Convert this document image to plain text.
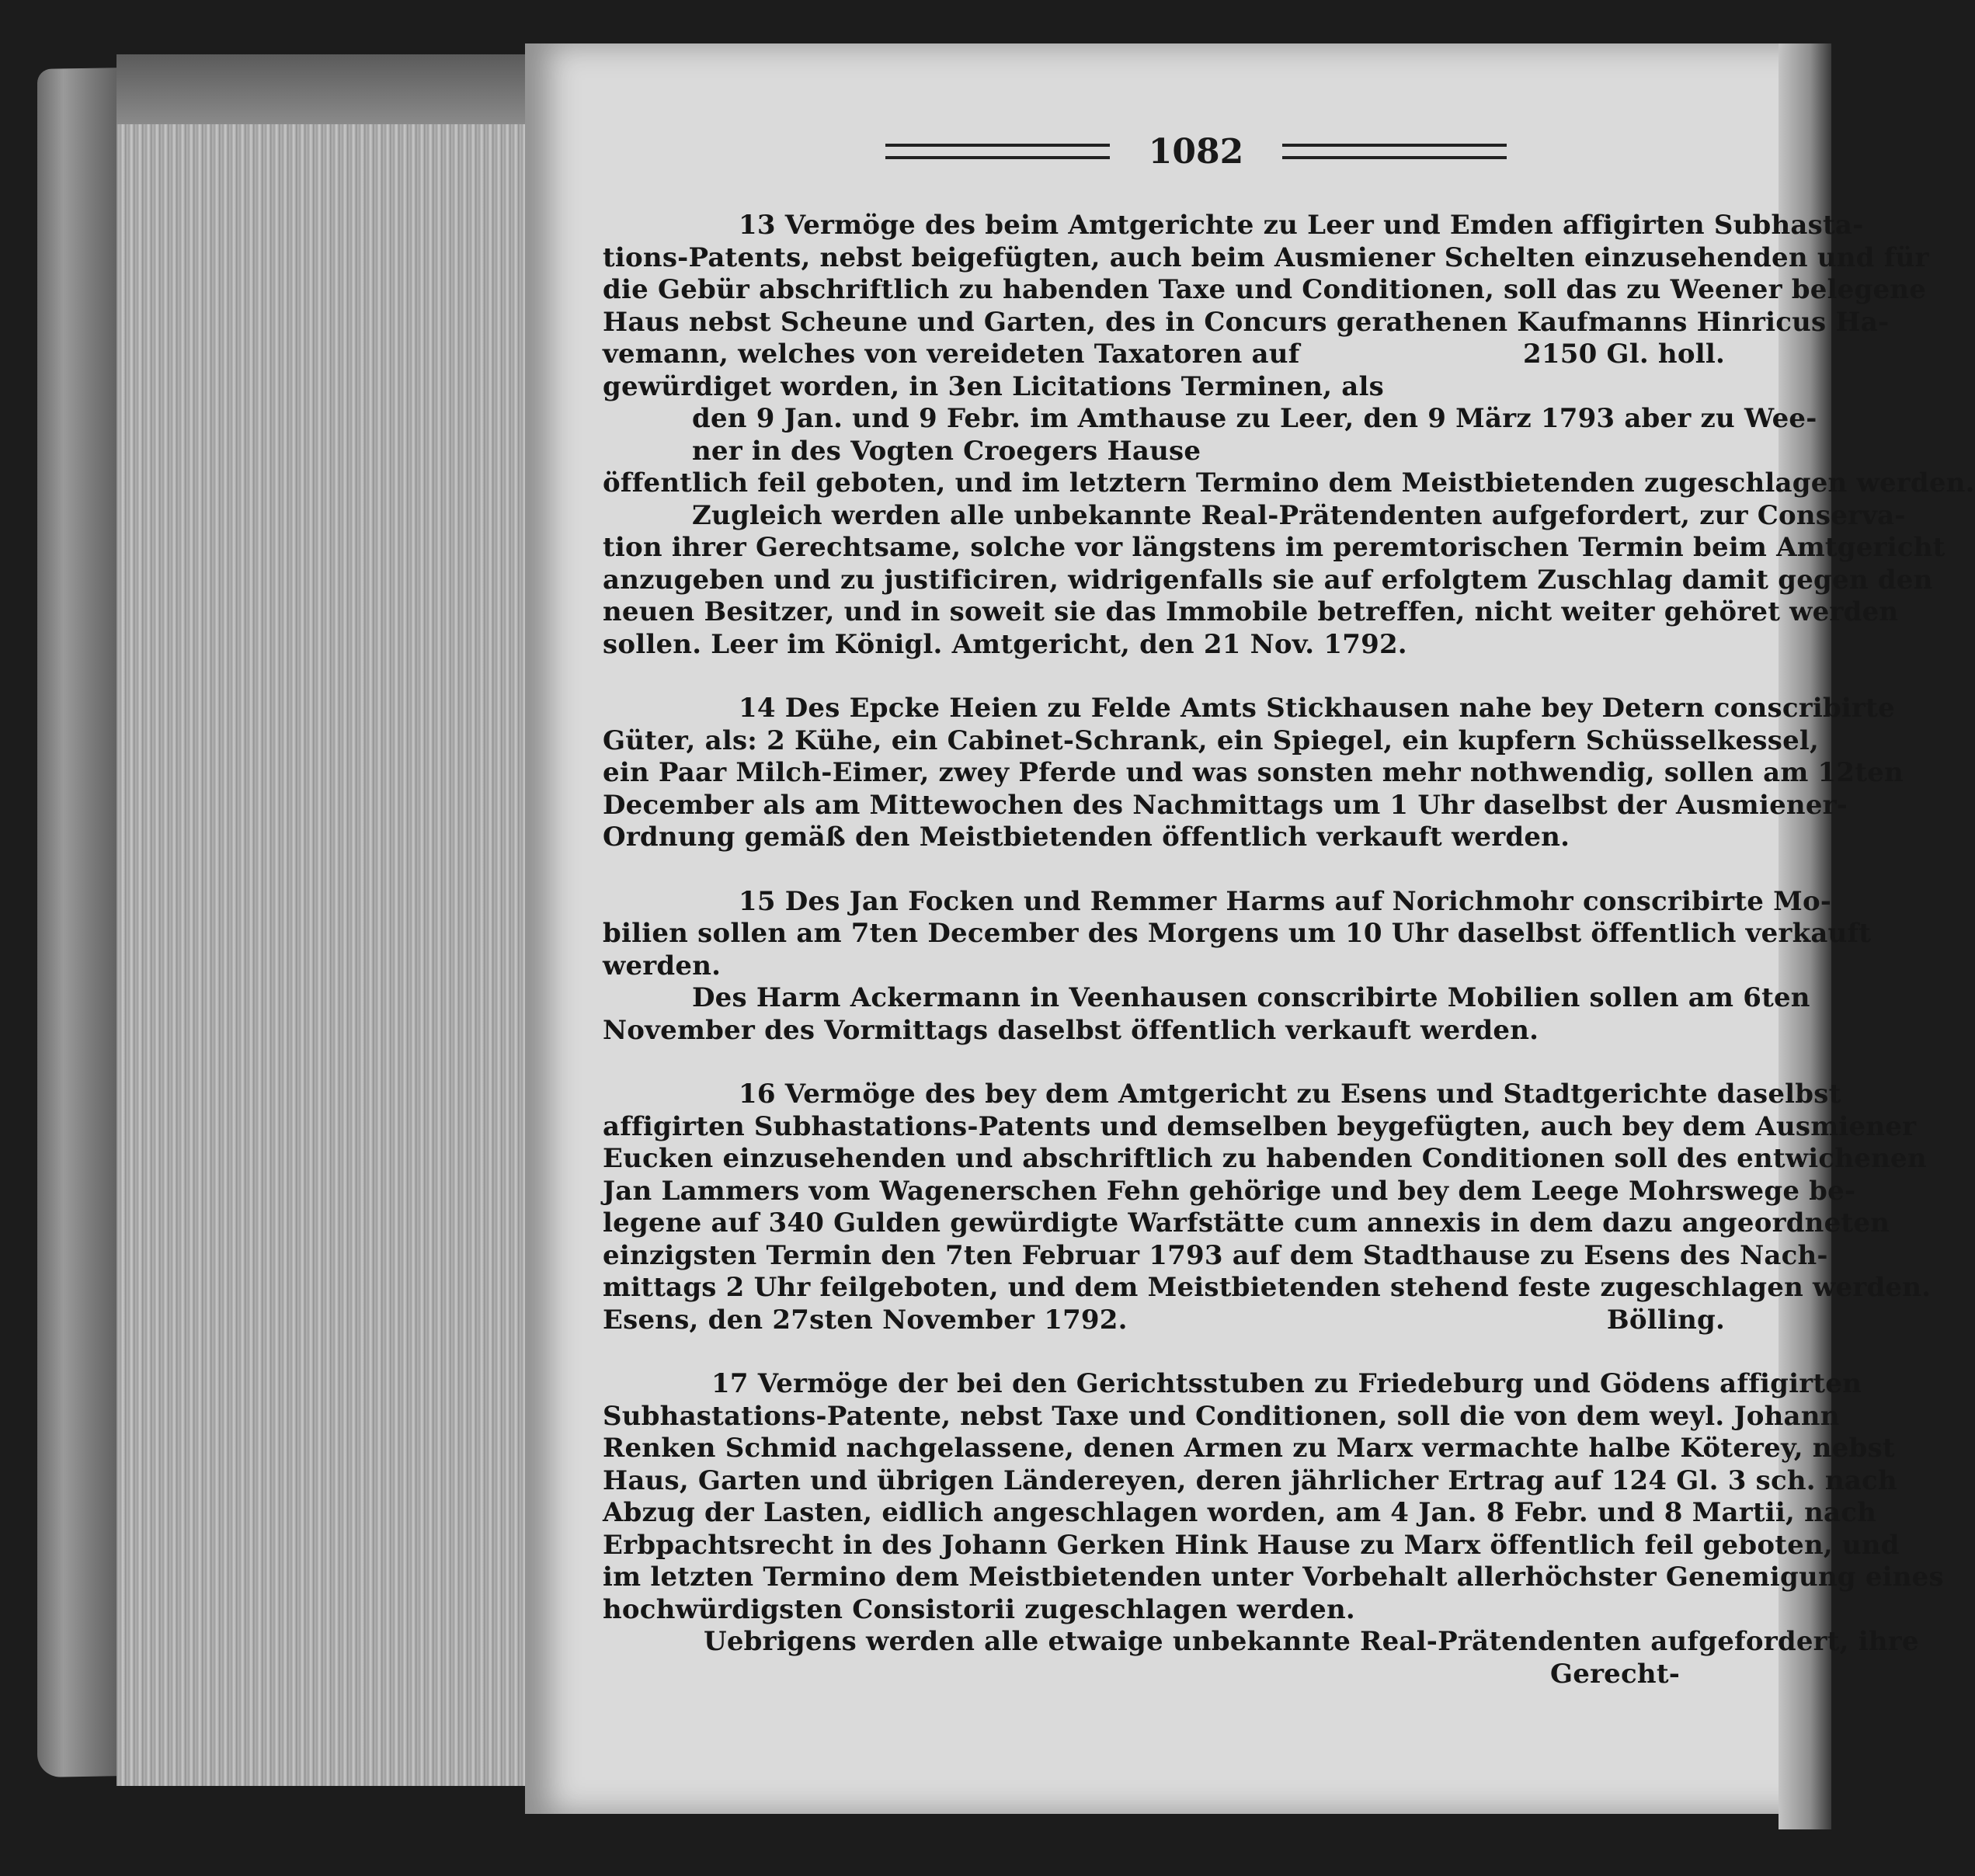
1082
13 Vermöge des beim Amtgerichte zu Leer und Emden affigirten Subhasta-
tions-Patents, nebst beigefügten, auch beim Ausmiener Schelten einzusehenden und für
die Gebür abschriftlich zu habenden Taxe und Conditionen, soll das zu Weener belegene
Haus nebst Scheune und Garten, des in Concurs gerathenen Kaufmanns Hinricus Ha-
vemann, welches von vereideten Taxatoren auf	2150 Gl. holl.
gewürdiget worden, in 3en Licitations Terminen, als
den 9 Jan. und 9 Febr. im Amthause zu Leer, den 9 März 1793 aber zu Wee-
ner in des Vogten Croegers Hause
öffentlich feil geboten, und im letztern Termino dem Meistbietenden zugeschlagen werden.
Zugleich werden alle unbekannte Real-Prätendenten aufgefordert, zur Conserva-
tion ihrer Gerechtsame, solche vor längstens im peremtorischen Termin beim Amtgericht
anzugeben und zu justificiren, widrigenfalls sie auf erfolgtem Zuschlag damit gegen den
neuen Besitzer, und in soweit sie das Immobile betreffen, nicht weiter gehöret werden
sollen. Leer im Königl. Amtgericht, den 21 Nov. 1792.
14 Des Epcke Heien zu Felde Amts Stickhausen nahe bey Detern conscribirte
Güter, als: 2 Kühe, ein Cabinet-Schrank, ein Spiegel, ein kupfern Schüsselkessel,
ein Paar Milch-Eimer, zwey Pferde und was sonsten mehr nothwendig, sollen am 12ten
December als am Mittewochen des Nachmittags um 1 Uhr daselbst der Ausmiener-
Ordnung gemäß den Meistbietenden öffentlich verkauft werden.
15 Des Jan Focken und Remmer Harms auf Norichmohr conscribirte Mo-
bilien sollen am 7ten December des Morgens um 10 Uhr daselbst öffentlich verkauft
werden.
Des Harm Ackermann in Veenhausen conscribirte Mobilien sollen am 6ten
November des Vormittags daselbst öffentlich verkauft werden.
16 Vermöge des bey dem Amtgericht zu Esens und Stadtgerichte daselbst
affigirten Subhastations-Patents und demselben beygefügten, auch bey dem Ausmiener
Eucken einzusehenden und abschriftlich zu habenden Conditionen soll des entwichenen
Jan Lammers vom Wagenerschen Fehn gehörige und bey dem Leege Mohrswege be-
legene auf 340 Gulden gewürdigte Warfstätte cum annexis in dem dazu angeordneten
einzigsten Termin den 7ten Februar 1793 auf dem Stadthause zu Esens des Nach-
mittags 2 Uhr feilgeboten, und dem Meistbietenden stehend feste zugeschlagen werden.
Esens, den 27sten November 1792.	Bölling.
17 Vermöge der bei den Gerichtsstuben zu Friedeburg und Gödens affigirten
Subhastations-Patente, nebst Taxe und Conditionen, soll die von dem weyl. Johann
Renken Schmid nachgelassene, denen Armen zu Marx vermachte halbe Köterey, nebst
Haus, Garten und übrigen Ländereyen, deren jährlicher Ertrag auf 124 Gl. 3 sch. nach
Abzug der Lasten, eidlich angeschlagen worden, am 4 Jan. 8 Febr. und 8 Martii, nach
Erbpachtsrecht in des Johann Gerken Hink Hause zu Marx öffentlich feil geboten, und
im letzten Termino dem Meistbietenden unter Vorbehalt allerhöchster Genemigung eines
hochwürdigsten Consistorii zugeschlagen werden.
Uebrigens werden alle etwaige unbekannte Real-Prätendenten aufgefordert, ihre
Gerecht-
